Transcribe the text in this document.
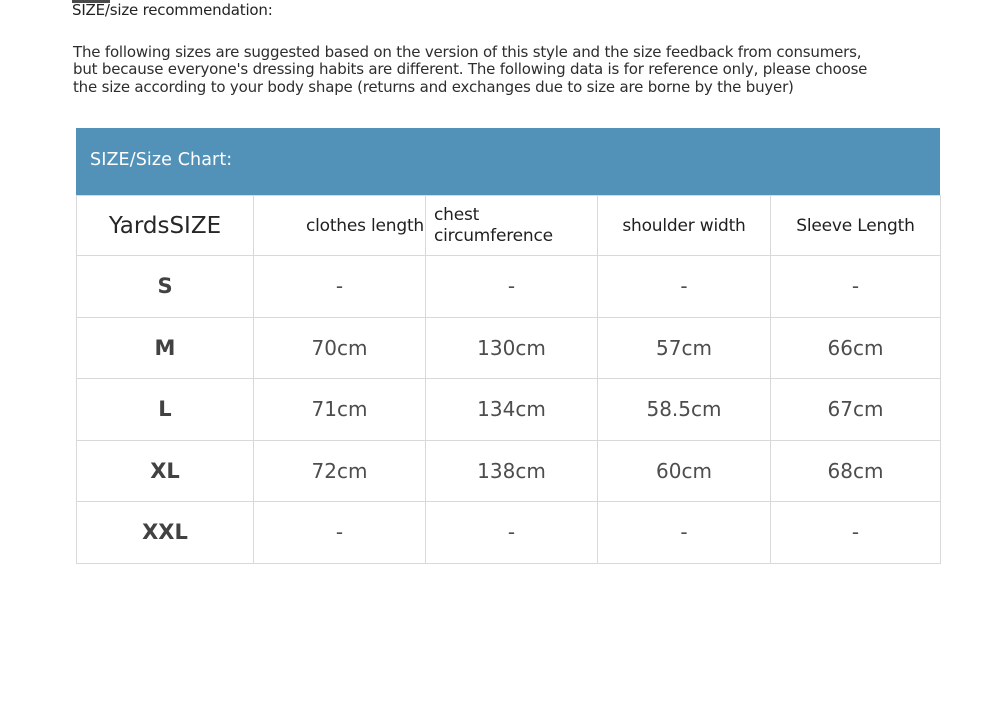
SIZE/size recommendation:
The following sizes are suggested based on the version of this style and the size feedback from consumers,
but because everyone's dressing habits are different. The following data is for reference only, please choose
the size according to your body shape (returns and exchanges due to size are borne by the buyer)
SIZE/Size Chart:
YardsSIZE	clothes length	chest circumference	shoulder width	Sleeve Length
S	-	-	-	-
M	70cm	130cm	57cm	66cm
L	71cm	134cm	58.5cm	67cm
XL	72cm	138cm	60cm	68cm
XXL	-	-	-	-
